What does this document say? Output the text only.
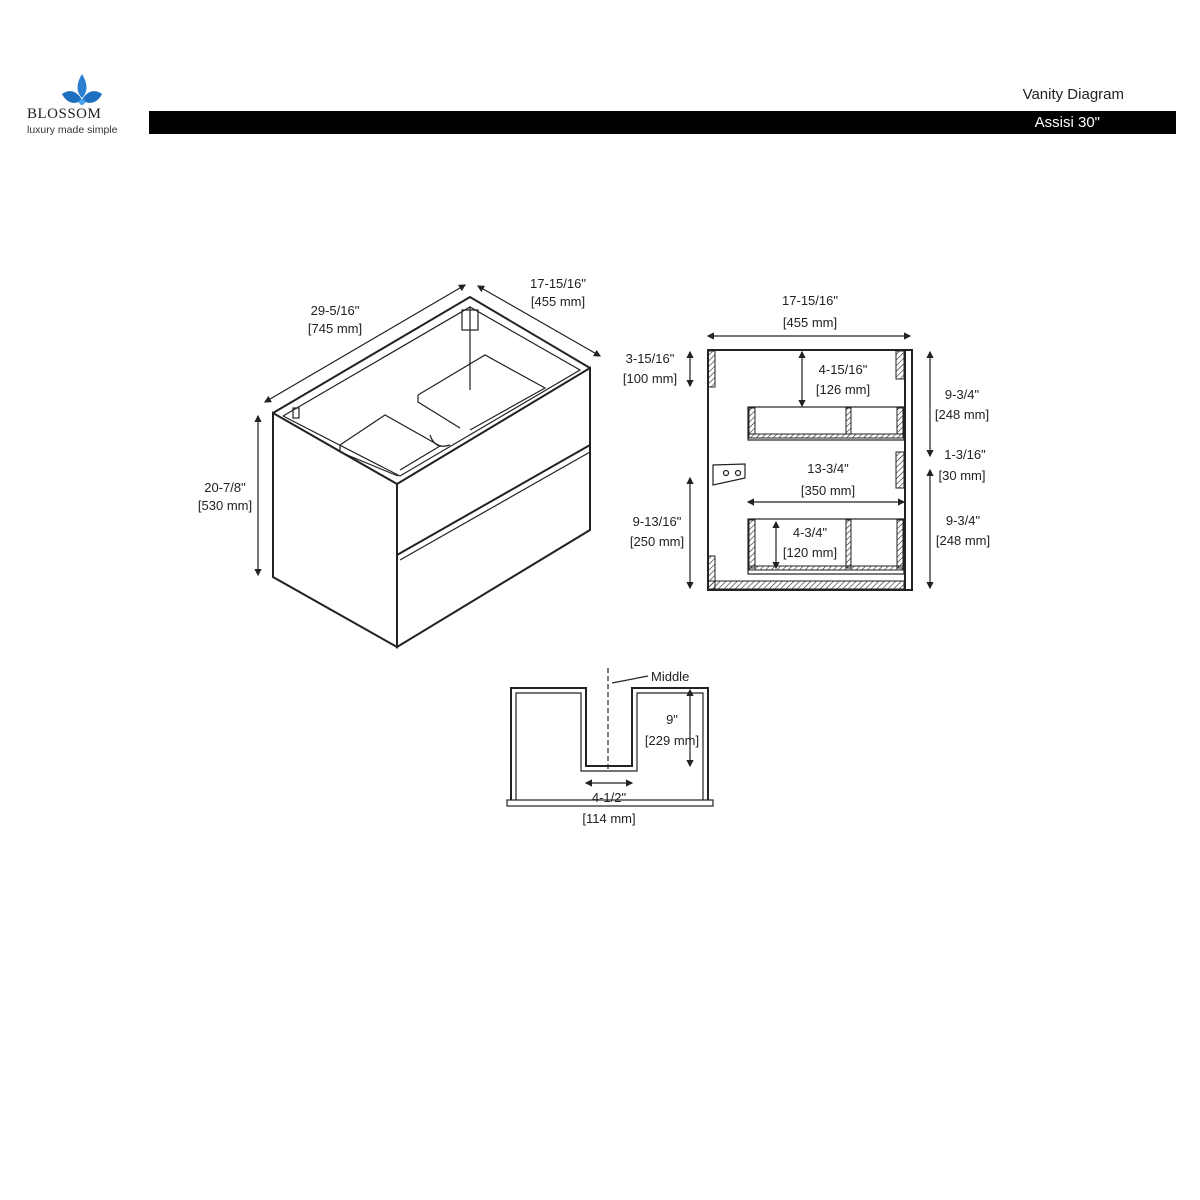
BLOSSOM
luxury made simple
Vanity Diagram
Assisi 30"
29-5/16"
[745 mm]
17-15/16"
[455 mm]
20-7/8"
[530 mm]
17-15/16"
[455 mm]
3-15/16"
[100 mm]
4-15/16"
[126 mm]	9-3/4"
[248 mm]
1-3/16"
[30 mm]
13-3/4"
[350 mm]
9-13/16"
[250 mm]
4-3/4"
[120 mm]
9-3/4"
[248 mm]
Middle
9"
[229 mm]
4-1/2"
[114 mm]
